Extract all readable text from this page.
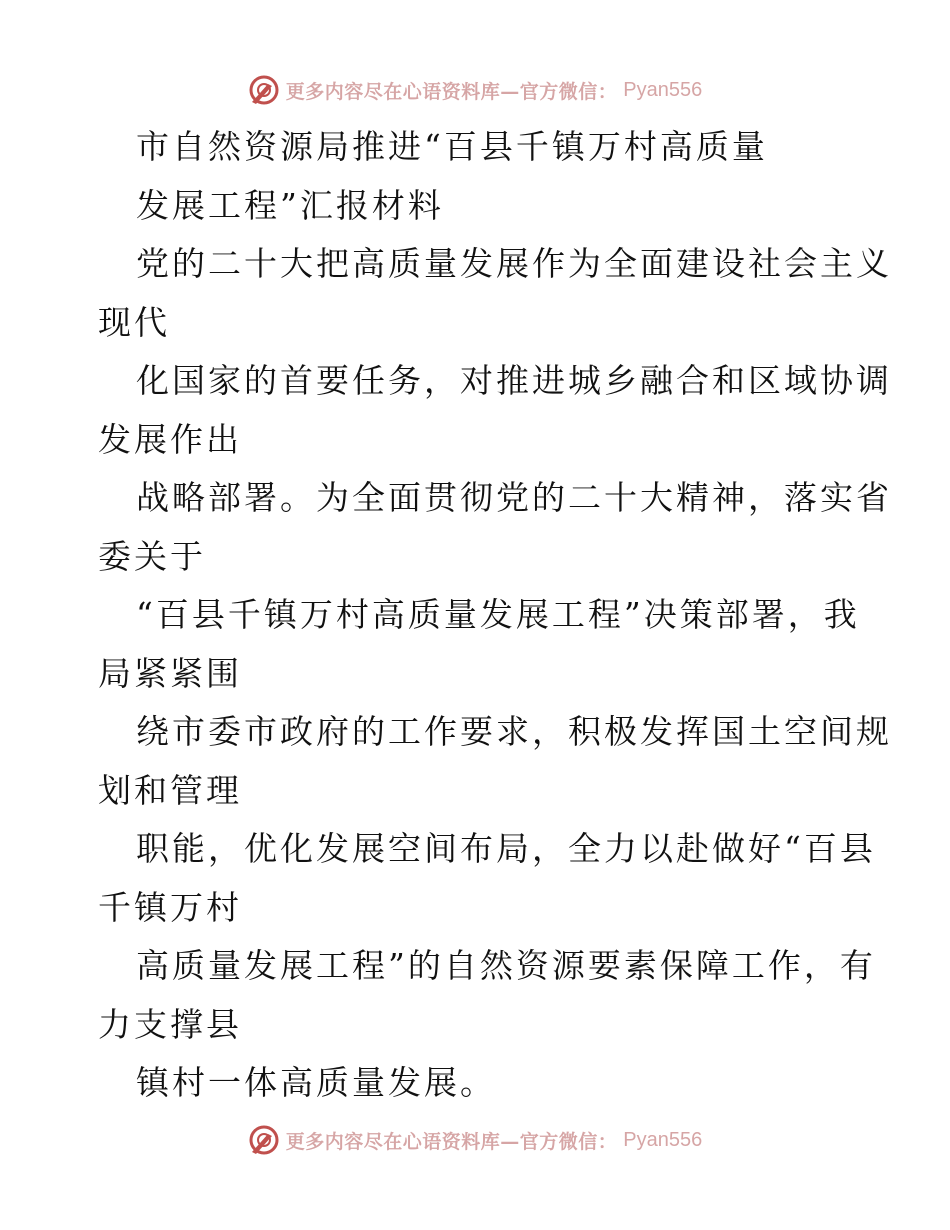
更多内容尽在心语资料库—官方微信： Pyan556
市自然资源局推进“百县千镇万村高质量
发展工程”汇报材料
党的二十大把高质量发展作为全面建设社会主义
现代
化国家的首要任务，对推进城乡融合和区域协调
发展作出
战略部署。为全面贯彻党的二十大精神，落实省
委关于
“百县千镇万村高质量发展工程”决策部署，我
局紧紧围
绕市委市政府的工作要求，积极发挥国土空间规
划和管理
职能，优化发展空间布局，全力以赴做好“百县
千镇万村
高质量发展工程”的自然资源要素保障工作，有
力支撑县
镇村一体高质量发展。
更多内容尽在心语资料库—官方微信： Pyan556
